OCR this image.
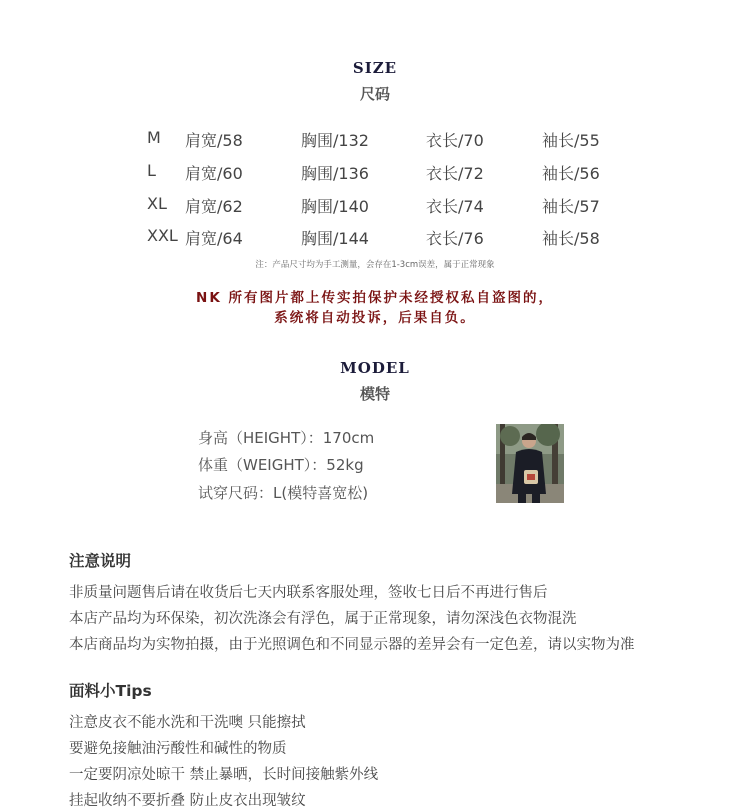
SIZE
尺码
M 肩宽/58	胸围/132	衣长/70	袖长/55
L 肩宽/60	胸围/136	衣长/72	袖长/56
XL 肩宽/62	胸围/140	衣长/74	袖长/57
XXL 肩宽/64	胸围/144	衣长/76	袖长/58
注：产品尺寸均为手工测量，会存在1-3cm误差，属于正常现象
NK 所有图片都上传实拍保护未经授权私自盗图的，
系统将自动投诉，后果自负。
MODEL
模特
身高（HEIGHT）：170cm
体重（WEIGHT）：52kg
试穿尺码：L(模特喜宽松)
注意说明
非质量问题售后请在收货后七天内联系客服处理，签收七日后不再进行售后
本店产品均为环保染，初次洗涤会有浮色，属于正常现象，请勿深浅色衣物混洗
本店商品均为实物拍摄，由于光照调色和不同显示器的差异会有一定色差，请以实物为准
面料小Tips
注意皮衣不能水洗和干洗噢 只能擦拭
要避免接触油污酸性和碱性的物质
一定要阴凉处晾干 禁止暴晒，长时间接触紫外线
挂起收纳不要折叠 防止皮衣出现皱纹
